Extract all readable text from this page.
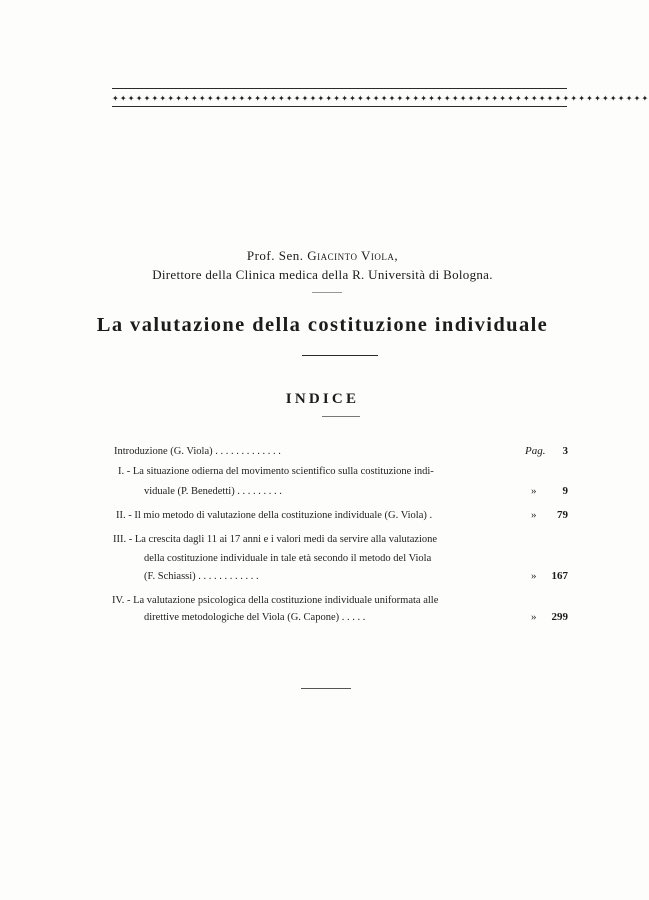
✦✦✦✦✦✦✦✦✦✦✦✦✦✦✦✦✦✦✦✦✦✦✦✦✦✦✦✦✦✦✦✦✦✦✦✦✦✦✦✦✦✦✦✦✦✦✦✦✦✦✦✦✦✦✦✦✦✦✦✦✦✦✦✦✦✦✦✦
Prof. Sen. Giacinto Viola,
Direttore della Clinica medica della R. Università di Bologna.
La valutazione della costituzione individuale
INDICE
Introduzione (G. Viola) . . . . . . . . . . . . .	Pag.	3
I. - La situazione odierna del movimento scientifico sulla costituzione indi-
viduale (P. Benedetti) . . . . . . . . .	»	9
II. - Il mio metodo di valutazione della costituzione individuale (G. Viola) .	»	79
III. - La crescita dagli 11 ai 17 anni e i valori medi da servire alla valutazione
della costituzione individuale in tale età secondo il metodo del Viola
(F. Schiassi) . . . . . . . . . . . .	»	167
IV. - La valutazione psicologica della costituzione individuale uniformata alle
direttive metodologiche del Viola (G. Capone) . . . . .	»	299
